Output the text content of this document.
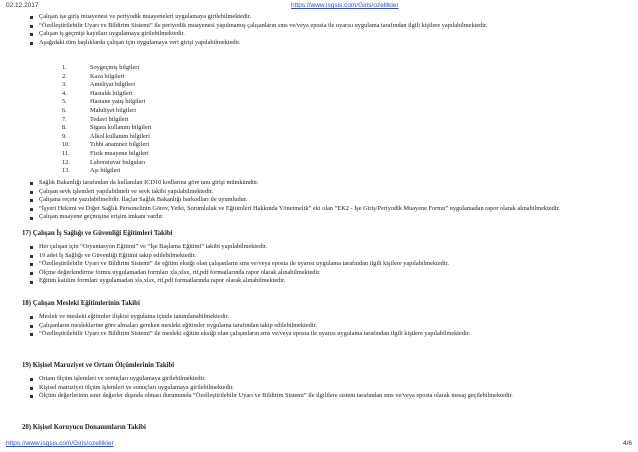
02.12.2017	https://www.isgsis.com/Giris/ozellikler
Çalışan işe giriş muayenesi ve periyodik muayeneleri uygulamaya girilebilmektedir.
“Özelleştirilebilir Uyarı ve Bildirim Sistemi” ile periyodik muayenesi yapılmamış çalışanların sms ve/veya eposta ile uyarısı uygulama tarafından ilgili kişilere yapılabilmektedir.
Çalışan iş geçmişi kayıtları uygulamaya girilebilmektedir.
Aşağıdaki tüm başlıklarda çalışan için uygulamaya veri girişi yapılabilmektedir.
1.	Soygeçmiş bilgileri
2.	Kaza bilgileri
3.	Ameliyat bilgileri
4.	Hastalık bilgileri
5.	Hastane yatış bilgileri
6.	Maluliyet bilgileri
7.	Tedavi bilgileri
8.	Sigara kullanım bilgileri
9.	Alkol kullanım bilgileri
10.	Tıbbi anamnez bilgileri
11.	Fizik muayene bilgileri
12.	Laboratuvar bulguları
13.	Aşı bilgileri
Sağlık Bakanlığı tarafından da kullanılan ICD10 kodlarına göre tanı girişi mümkündür.
Çalışan sevk işlemleri yapılabilmeli ve sevk takibi yapılabilmektedir.
Çalışana reçete yazılabilmelidir. İlaçlar Sağlık Bakanlığı barkodları ile uyumludur.
“İşyeri Hekimi ve Diğer Sağlık Personelinin Görev, Yetki, Sorumluluk ve Eğitimleri Hakkında Yönetmelik” eki olan “EK2 - İşe Giriş/Periyodik Muayene Formu” uygulamadan rapor olarak alınabilmektedir.
Çalışan muayene geçmişine erişim imkanı vardır.
17) Çalışan İş Sağlığı ve Güvenliği Eğitimleri Takibi
Her çalışan için “Oryantasyon Eğitimi” ve “İşe Başlama Eğitimi” takibi yapılabilmektedir.
19 adet İş Sağlığı ve Güvenliği Eğitimi takip edilebilmektedir.
“Özelleştirilebilir Uyarı ve Bildirim Sistemi” ile eğitim eksiği olan çalışanların sms ve/veya eposta ile uyarısı uygulama tarafından ilgili kişilere yapılabilmektedir.
Ölçme değerlendirme formu uygulamadan formları xls,xlsx, rtf,pdf formatlarında rapor olarak alınabilmektedir.
Eğitim katılım formları uygulamadan xls,xlsx, rtf,pdf formatlarında rapor olarak alınabilmektedir.
18) Çalışan Mesleki Eğitimlerinin Takibi
Meslek ve mesleki eğitimler ilişkisi uygulama içinde tanımlanabilmektedir.
Çalışanların mesleklerine göre almaları gereken mesleki eğitimler uygulama tarafından takip edilebilmektedir.
“Özelleştirilebilir Uyarı ve Bildirim Sistemi” ile mesleki eğitim eksiği olan çalışanların sms ve/veya eposta ile uyarısı uygulama tarafından ilgili kişilere yapılabilmektedir.
19) Kişisel Maruziyet ve Ortam Ölçümlerinin Takibi
Ortam ölçüm işlemleri ve sonuçları uygulamaya girilebilmektedir.
Kişisel maruziyet ölçüm işlemleri ve sonuçları uygulamaya girilebilmektedir.
Ölçüm değerlerinin sınır değerler dışında olması durumunda “Özelleştirilebilir Uyarı ve Bildirim Sistemi” ile ilgililere sistem tarafından sms ve/veya eposta olarak mesaj geçilebilmektedir.
20) Kişisel Koruyucu Donanımların Takibi
https://www.isgsis.com/Giris/ozellikler	4/6
